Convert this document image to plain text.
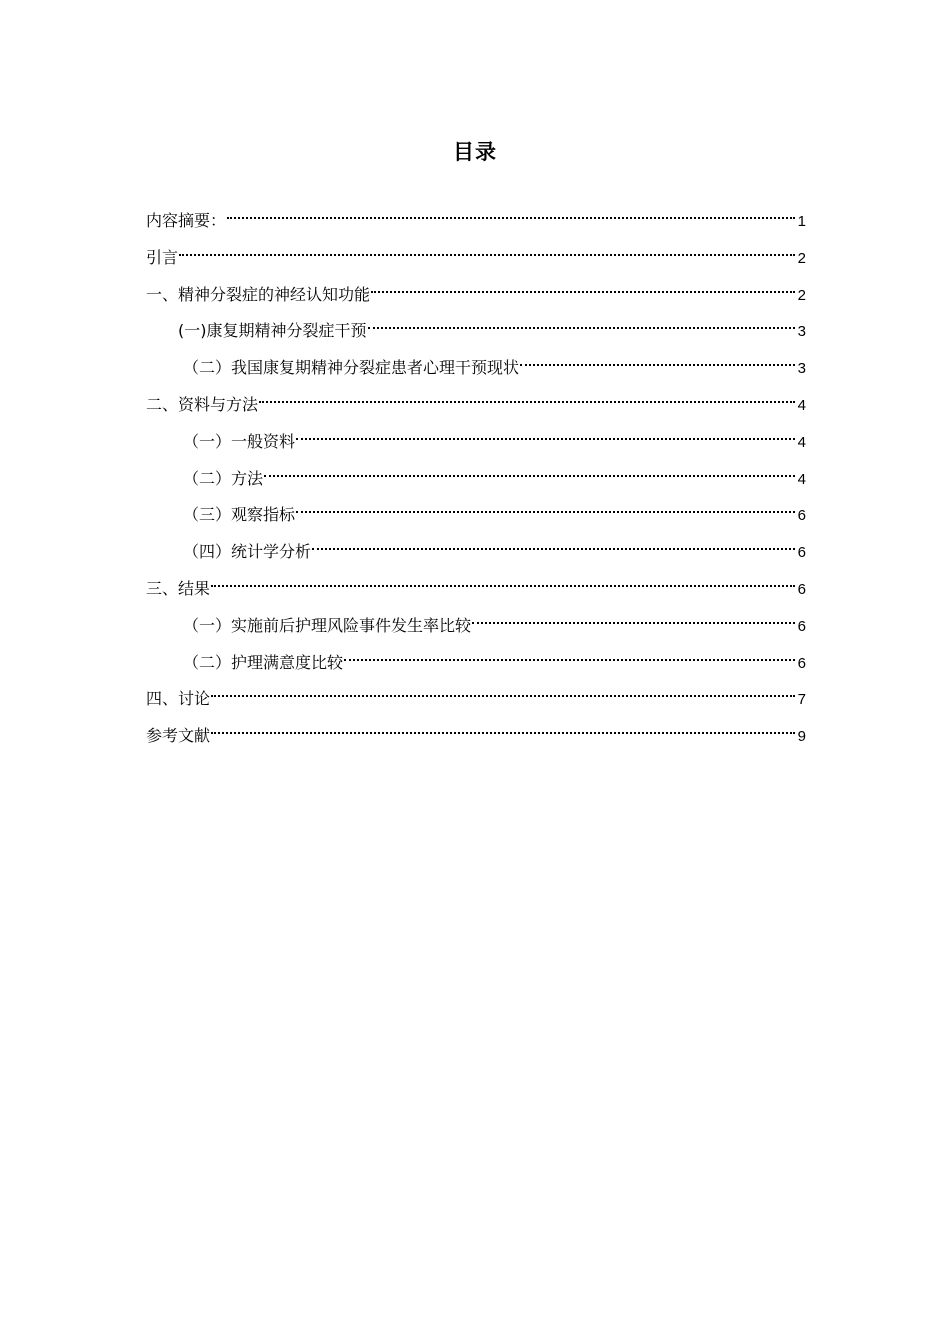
目录
内容摘要：	1
引言	2
一、精神分裂症的神经认知功能	2
(一)康复期精神分裂症干预	3
（二）我国康复期精神分裂症患者心理干预现状	3
二、资料与方法	4
（一）一般资料	4
（二）方法	4
（三）观察指标	6
（四）统计学分析	6
三、结果	6
（一）实施前后护理风险事件发生率比较	6
（二）护理满意度比较	6
四、讨论	7
参考文献	9
